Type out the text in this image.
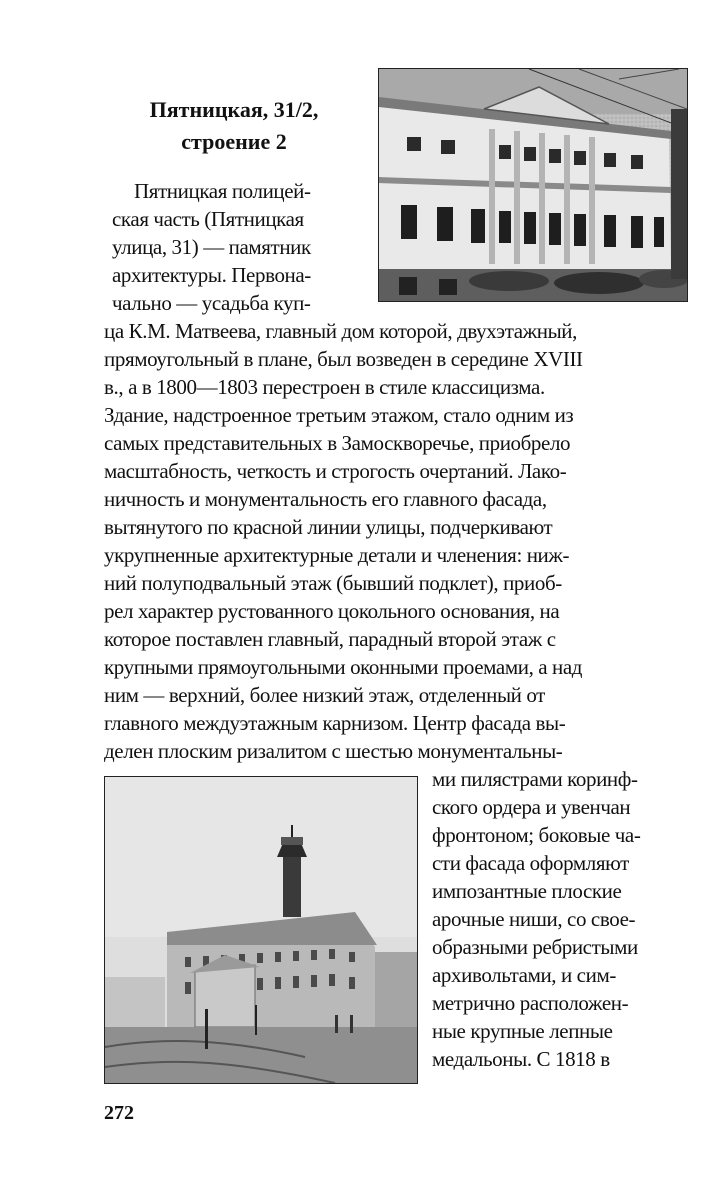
Пятницкая, 31/2,
строение 2
Пятницкая полицей-
ская часть (Пятницкая
улица, 31) — памятник
архитектуры. Первона-
чально — усадьба куп-
ца К.М. Матвеева, главный дом которой, двухэтажный,
прямоугольный в плане, был возведен в середине XVIII
в., а в 1800—1803 перестроен в стиле классицизма.
Здание, надстроенное третьим этажом, стало одним из
самых представительных в Замоскворечье, приобрело
масштабность, четкость и строгость очертаний. Лако-
ничность и монументальность его главного фасада,
вытянутого по красной линии улицы, подчеркивают
укрупненные архитектурные детали и членения: ниж-
ний полуподвальный этаж (бывший подклет), приоб-
рел характер рустованного цокольного основания, на
которое поставлен главный, парадный второй этаж с
крупными прямоугольными оконными проемами, а над
ним — верхний, более низкий этаж, отделенный от
главного междуэтажным карнизом. Центр фасада вы-
делен плоским ризалитом с шестью монументальны-
ми пилястрами коринф-
ского ордера и увенчан
фронтоном; боковые ча-
сти фасада оформляют
импозантные плоские
арочные ниши, со свое-
образными ребристыми
архивольтами, и сим-
метрично расположен-
ные крупные лепные
медальоны. С 1818 в
272
